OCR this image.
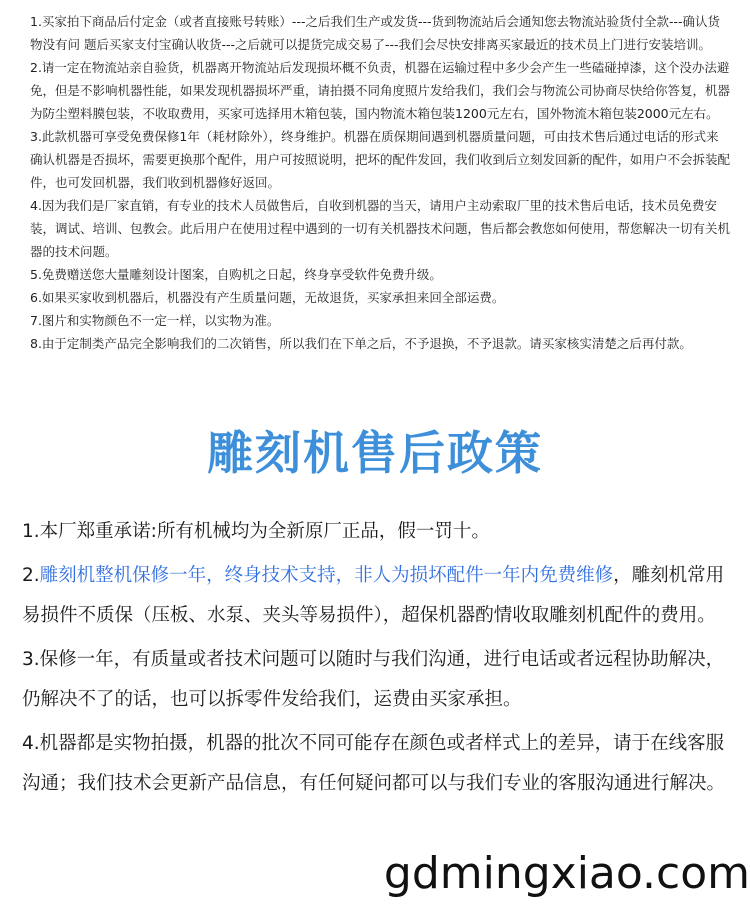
1.买家拍下商品后付定金（或者直接账号转账）---之后我们生产或发货---货到物流站后会通知您去物流站验货付全款---确认货物没有问 题后买家支付宝确认收货---之后就可以提货完成交易了---我们会尽快安排离买家最近的技术员上门进行安装培训。

2.请一定在物流站亲自验货，机器离开物流站后发现损坏概不负责，机器在运输过程中多少会产生一些磕碰掉漆，这个没办法避免，但是不影响机器性能，如果发现机器损坏严重，请拍摄不同角度照片发给我们，我们会与物流公司协商尽快给你答复，机器为防尘塑料膜包装，不收取费用，买家可选择用木箱包装，国内物流木箱包装1200元左右，国外物流木箱包装2000元左右。

3.此款机器可享受免费保修1年（耗材除外），终身维护。机器在质保期间遇到机器质量问题，可由技术售后通过电话的形式来确认机器是否损坏，需要更换那个配件，用户可按照说明，把坏的配件发回，我们收到后立刻发回新的配件，如用户不会拆装配件，也可发回机器，我们收到机器修好返回。

4.因为我们是厂家直销，有专业的技术人员做售后，自收到机器的当天，请用户主动索取厂里的技术售后电话，技术员免费安装，调试、培训、包教会。此后用户在使用过程中遇到的一切有关机器技术问题，售后都会教您如何使用，帮您解决一切有关机器的技术问题。

5.免费赠送您大量雕刻设计图案，自购机之日起，终身享受软件免费升级。

6.如果买家收到机器后，机器没有产生质量问题，无故退货，买家承担来回全部运费。

7.图片和实物颜色不一定一样，以实物为准。

8.由于定制类产品完全影响我们的二次销售，所以我们在下单之后，不予退换，不予退款。请买家核实清楚之后再付款。

雕刻机售后政策

1.本厂郑重承诺:所有机械均为全新原厂正品，假一罚十。

2.雕刻机整机保修一年，终身技术支持，非人为损坏配件一年内免费维修，雕刻机常用易损件不质保（压板、水泵、夹头等易损件），超保机器酌情收取雕刻机配件的费用。

3.保修一年，有质量或者技术问题可以随时与我们沟通，进行电话或者远程协助解决，仍解决不了的话，也可以拆零件发给我们，运费由买家承担。

4.机器都是实物拍摄，机器的批次不同可能存在颜色或者样式上的差异，请于在线客服沟通；我们技术会更新产品信息，有任何疑问都可以与我们专业的客服沟通进行解决。

gdmingxiao.com
